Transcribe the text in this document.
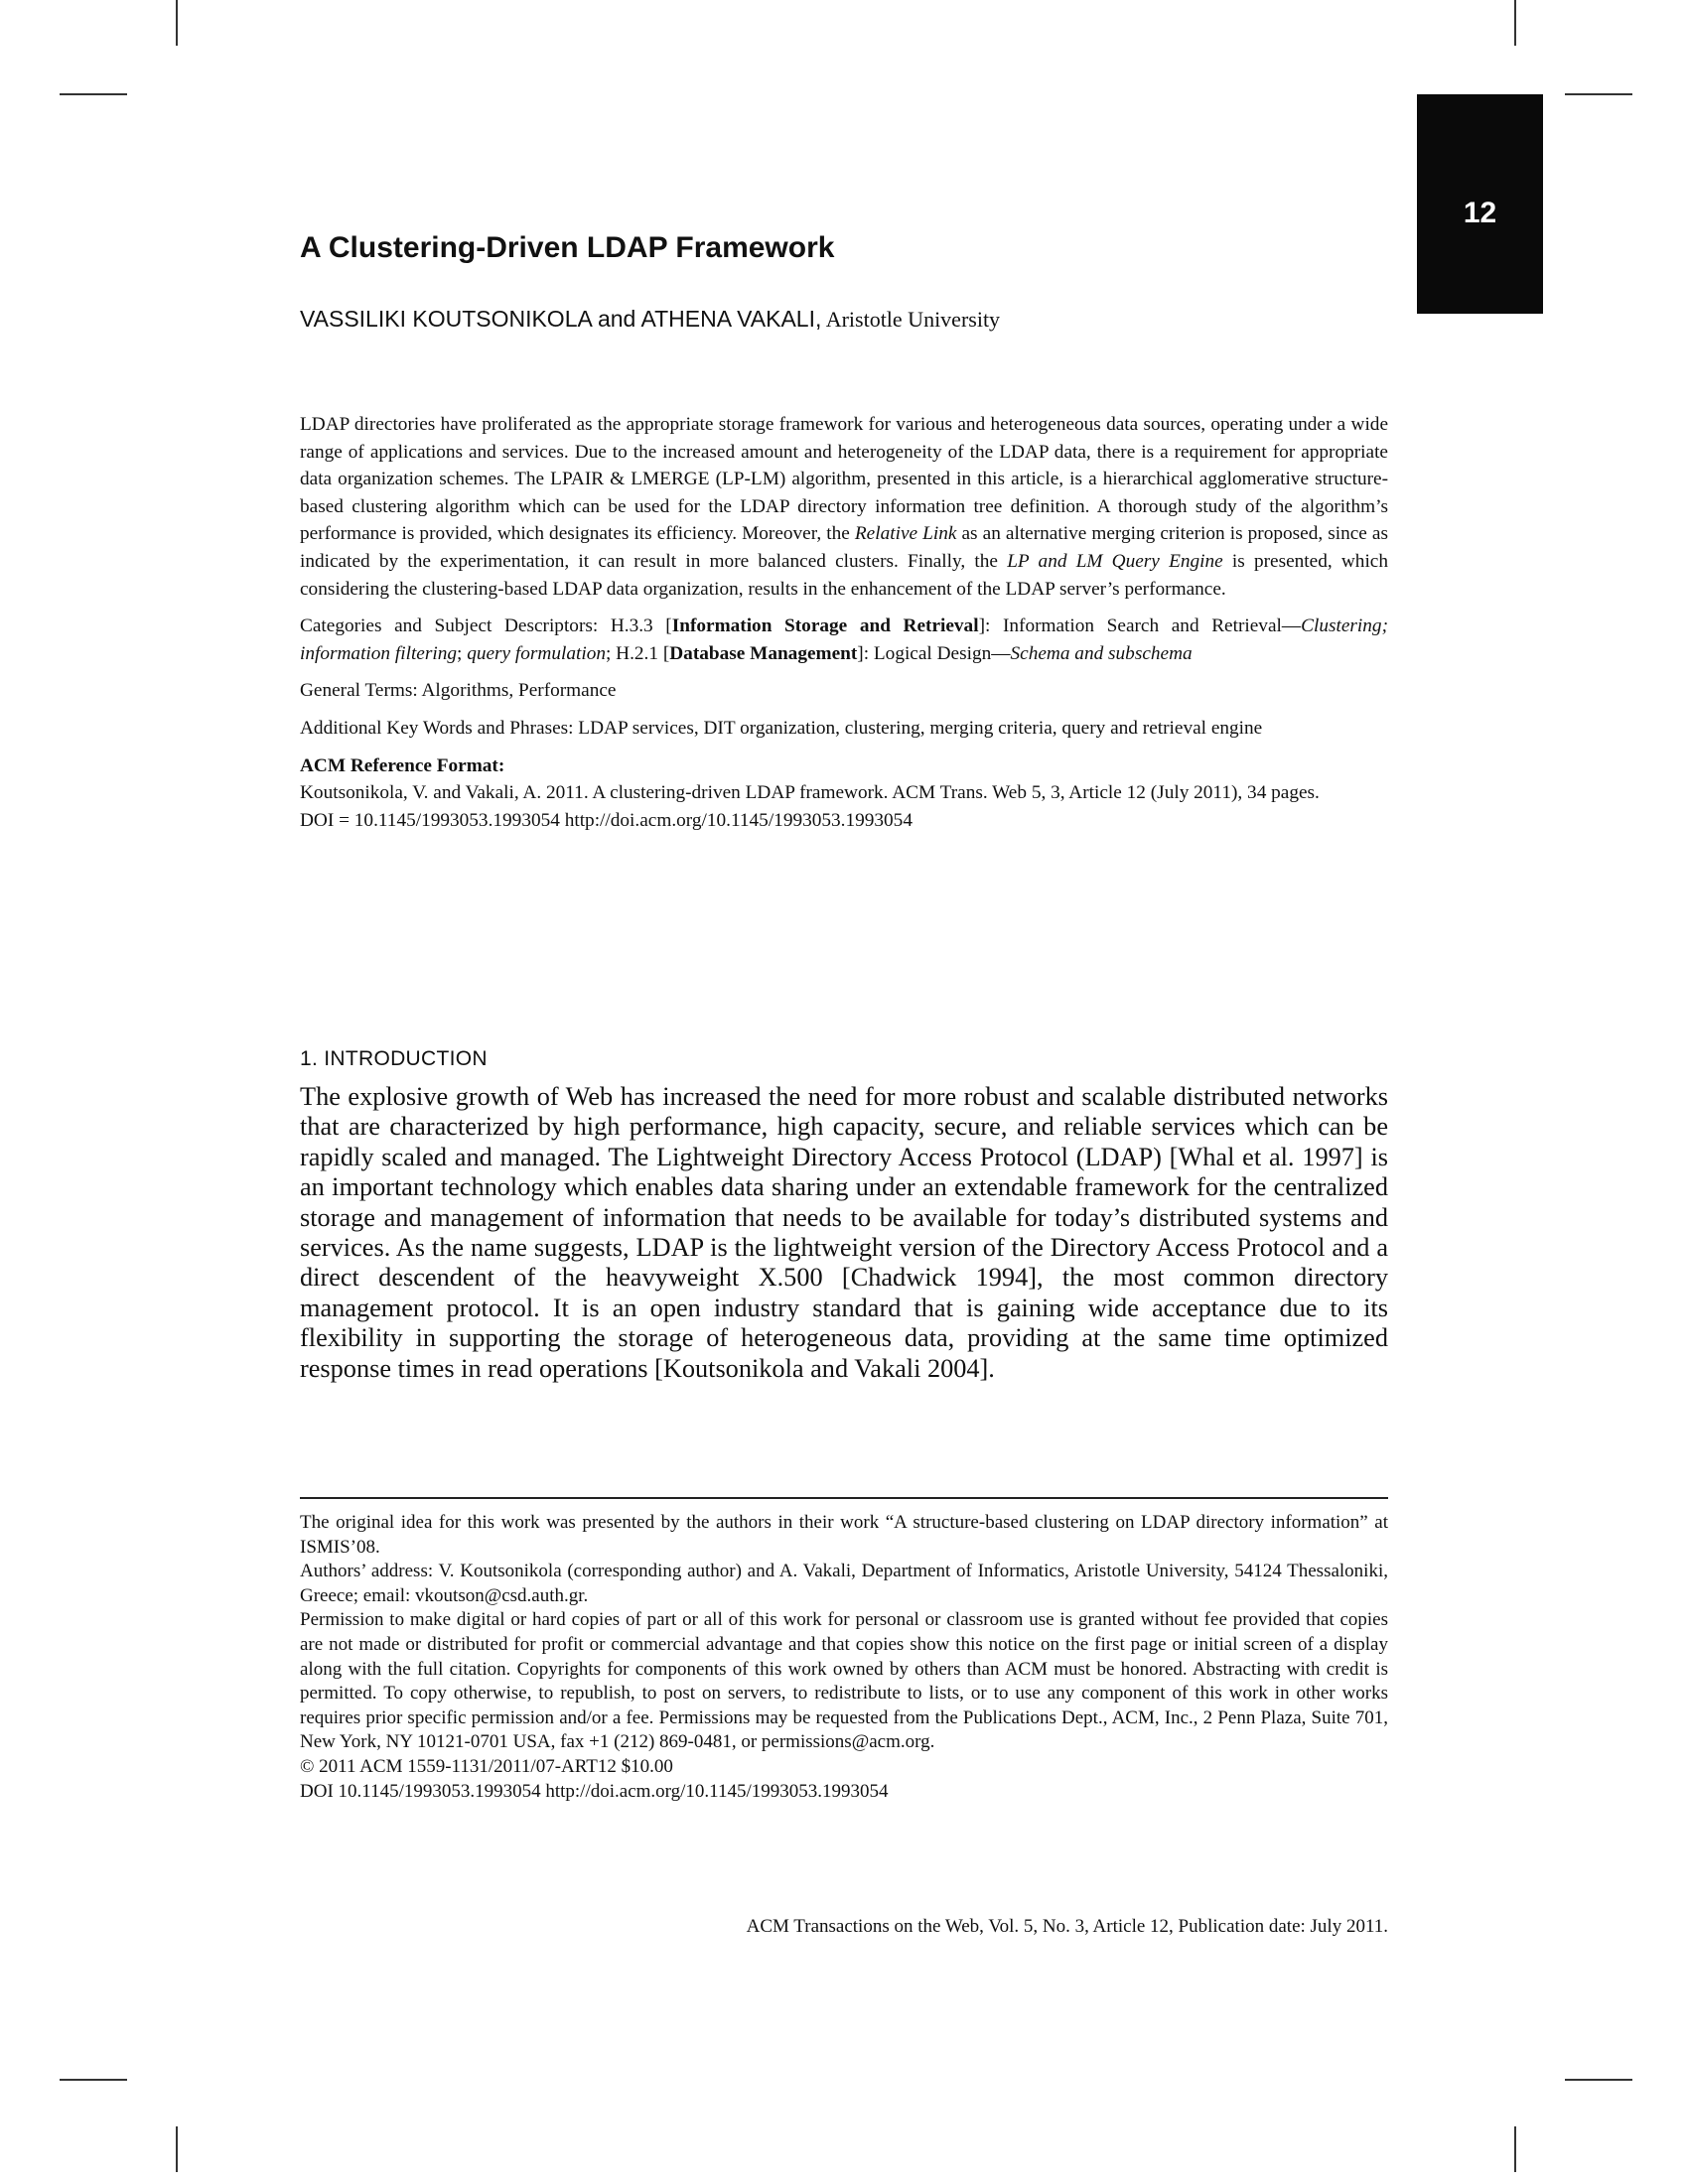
12
A Clustering-Driven LDAP Framework
VASSILIKI KOUTSONIKOLA and ATHENA VAKALI, Aristotle University

LDAP directories have proliferated as the appropriate storage framework for various and heterogeneous data sources, operating under a wide range of applications and services. Due to the increased amount and heterogeneity of the LDAP data, there is a requirement for appropriate data organization schemes. The LPAIR & LMERGE (LP-LM) algorithm, presented in this article, is a hierarchical agglomerative structure-based clustering algorithm which can be used for the LDAP directory information tree definition. A thorough study of the algorithm’s performance is provided, which designates its efficiency. Moreover, the Relative Link as an alternative merging criterion is proposed, since as indicated by the experimentation, it can result in more balanced clusters. Finally, the LP and LM Query Engine is presented, which considering the clustering-based LDAP data organization, results in the enhancement of the LDAP server’s performance.

Categories and Subject Descriptors: H.3.3 [Information Storage and Retrieval]: Information Search and Retrieval—Clustering; information filtering; query formulation; H.2.1 [Database Management]: Logical Design—Schema and subschema

General Terms: Algorithms, Performance

Additional Key Words and Phrases: LDAP services, DIT organization, clustering, merging criteria, query and retrieval engine

ACM Reference Format:

Koutsonikola, V. and Vakali, A. 2011. A clustering-driven LDAP framework. ACM Trans. Web 5, 3, Article 12 (July 2011), 34 pages.

DOI = 10.1145/1993053.1993054 http://doi.acm.org/10.1145/1993053.1993054

1. INTRODUCTION

The explosive growth of Web has increased the need for more robust and scalable distributed networks that are characterized by high performance, high capacity, secure, and reliable services which can be rapidly scaled and managed. The Lightweight Directory Access Protocol (LDAP) [Whal et al. 1997] is an important technology which enables data sharing under an extendable framework for the centralized storage and management of information that needs to be available for today’s distributed systems and services. As the name suggests, LDAP is the lightweight version of the Directory Access Protocol and a direct descendent of the heavyweight X.500 [Chadwick 1994], the most common directory management protocol. It is an open industry standard that is gaining wide acceptance due to its flexibility in supporting the storage of heterogeneous data, providing at the same time optimized response times in read operations [Koutsonikola and Vakali 2004].

The original idea for this work was presented by the authors in their work “A structure-based clustering on LDAP directory information” at ISMIS’08.

Authors’ address: V. Koutsonikola (corresponding author) and A. Vakali, Department of Informatics, Aristotle University, 54124 Thessaloniki, Greece; email: vkoutson@csd.auth.gr.

Permission to make digital or hard copies of part or all of this work for personal or classroom use is granted without fee provided that copies are not made or distributed for profit or commercial advantage and that copies show this notice on the first page or initial screen of a display along with the full citation. Copyrights for components of this work owned by others than ACM must be honored. Abstracting with credit is permitted. To copy otherwise, to republish, to post on servers, to redistribute to lists, or to use any component of this work in other works requires prior specific permission and/or a fee. Permissions may be requested from the Publications Dept., ACM, Inc., 2 Penn Plaza, Suite 701, New York, NY 10121-0701 USA, fax +1 (212) 869-0481, or permissions@acm.org.

© 2011 ACM 1559-1131/2011/07-ART12 $10.00

DOI 10.1145/1993053.1993054 http://doi.acm.org/10.1145/1993053.1993054

ACM Transactions on the Web, Vol. 5, No. 3, Article 12, Publication date: July 2011.
